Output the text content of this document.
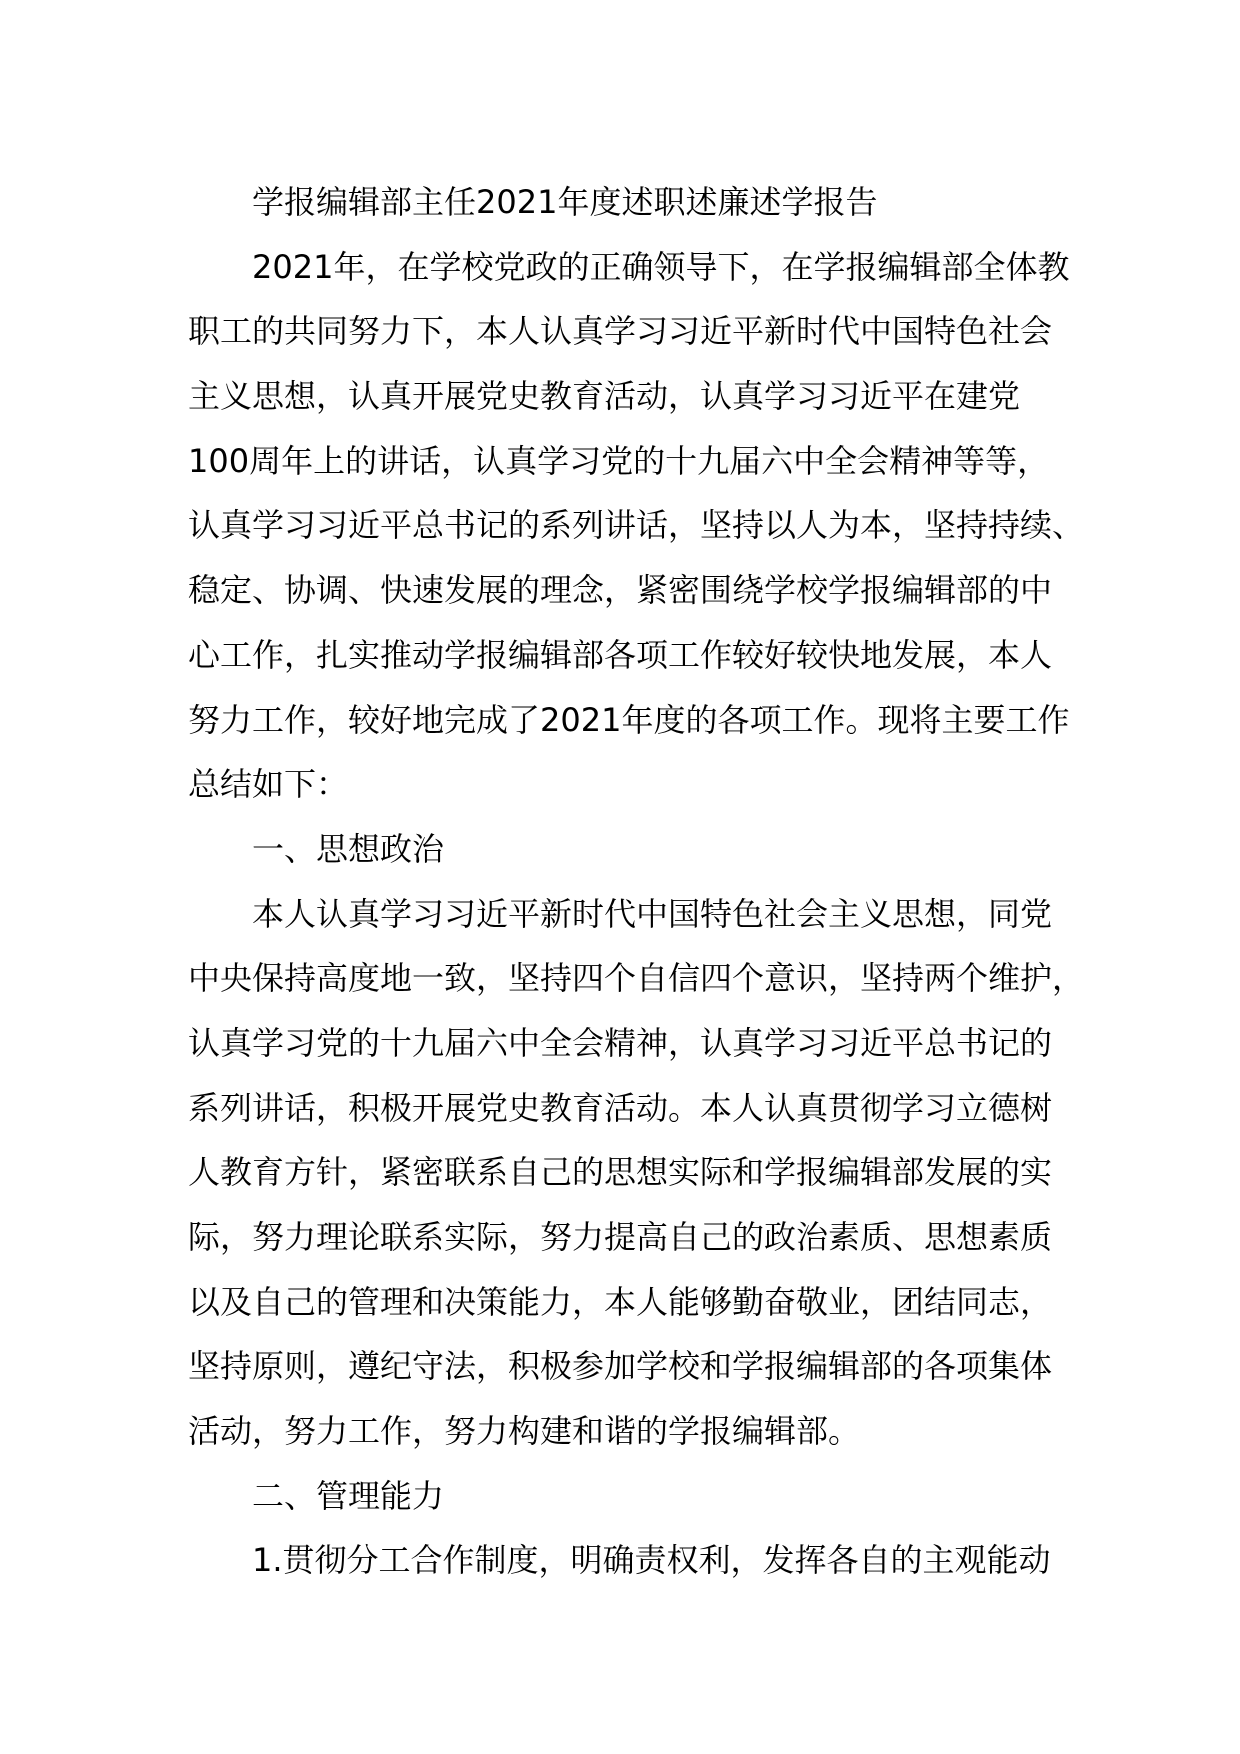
学报编辑部主任2021年度述职述廉述学报告
2021年，在学校党政的正确领导下，在学报编辑部全体教
职工的共同努力下，本人认真学习习近平新时代中国特色社会
主义思想，认真开展党史教育活动，认真学习习近平在建党
100周年上的讲话，认真学习党的十九届六中全会精神等等，
认真学习习近平总书记的系列讲话，坚持以人为本，坚持持续、
稳定、协调、快速发展的理念，紧密围绕学校学报编辑部的中
心工作，扎实推动学报编辑部各项工作较好较快地发展，本人
努力工作，较好地完成了2021年度的各项工作。现将主要工作
总结如下：
一、思想政治
本人认真学习习近平新时代中国特色社会主义思想，同党
中央保持高度地一致，坚持四个自信四个意识，坚持两个维护，
认真学习党的十九届六中全会精神，认真学习习近平总书记的
系列讲话，积极开展党史教育活动。本人认真贯彻学习立德树
人教育方针，紧密联系自己的思想实际和学报编辑部发展的实
际，努力理论联系实际，努力提高自己的政治素质、思想素质
以及自己的管理和决策能力，本人能够勤奋敬业，团结同志，
坚持原则，遵纪守法，积极参加学校和学报编辑部的各项集体
活动，努力工作，努力构建和谐的学报编辑部。
二、管理能力
1.贯彻分工合作制度，明确责权利，发挥各自的主观能动
